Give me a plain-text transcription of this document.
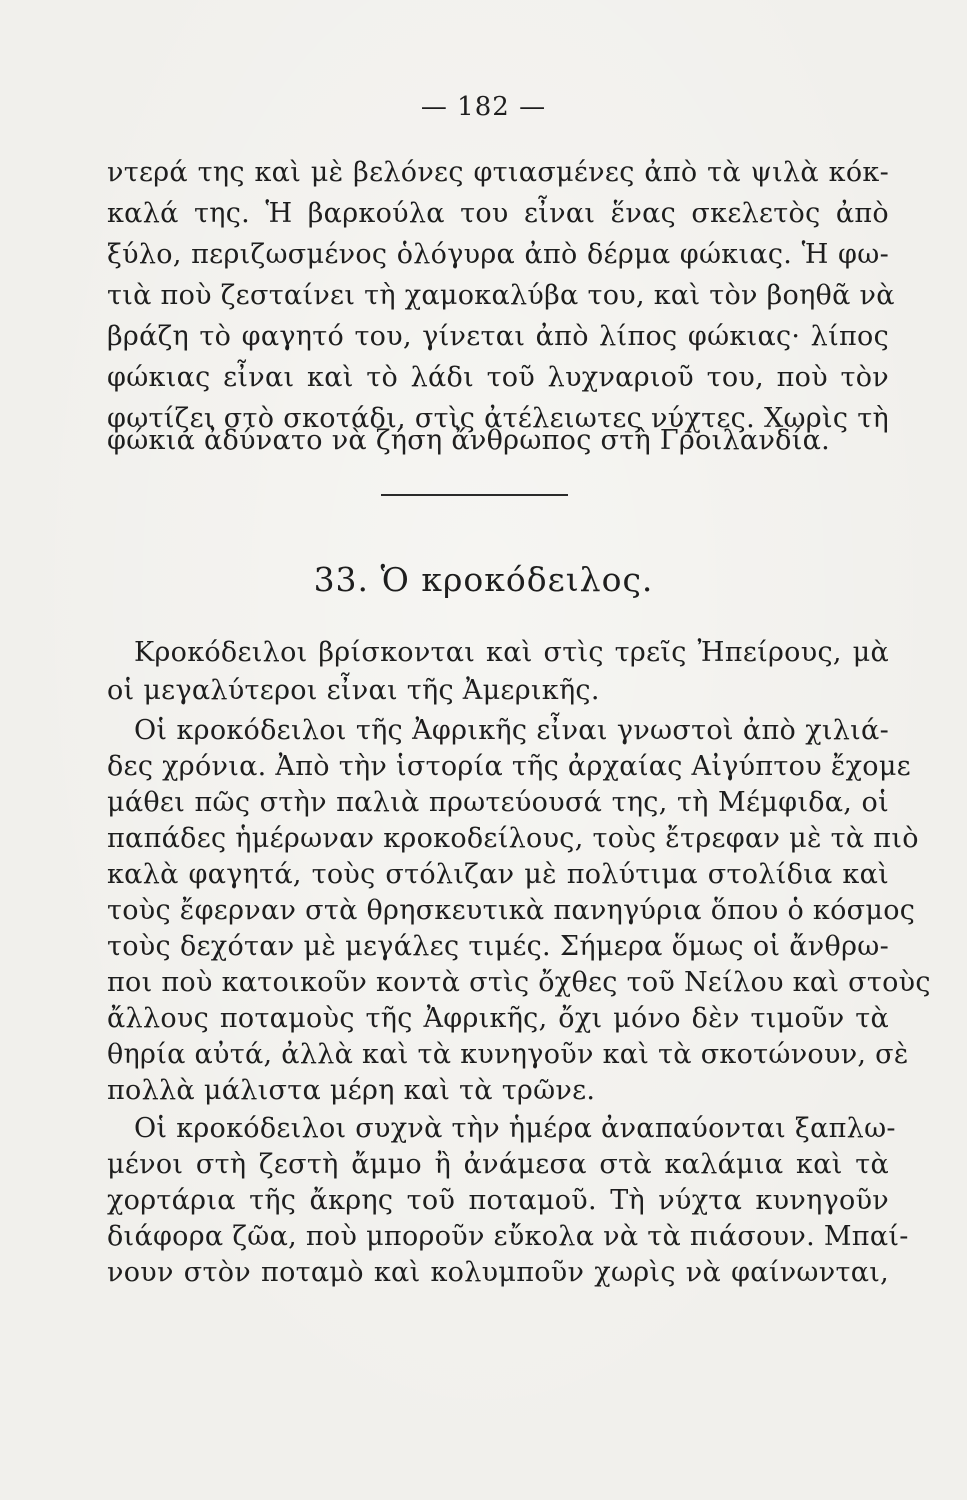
— 182 —
ντερά της καὶ μὲ βελόνες φτιασμένες ἀπὸ τὰ ψιλὰ κόκ-
καλά της. Ἡ βαρκούλα του εἶναι ἕνας σκελετὸς ἀπὸ
ξύλο, περιζωσμένος ὁλόγυρα ἀπὸ δέρμα φώκιας. Ἡ φω-
τιὰ ποὺ ζεσταίνει τὴ χαμοκαλύβα του, καὶ τὸν βοηθᾶ νὰ
βράζη τὸ φαγητό του, γίνεται ἀπὸ λίπος φώκιας· λίπος
φώκιας εἶναι καὶ τὸ λάδι τοῦ λυχναριοῦ του, ποὺ τὸν
φωτίζει στὸ σκοτάδι, στὶς ἀτέλειωτες νύχτες. Χωρὶς τὴ
φώκια ἀδύνατο νὰ ζήση ἄνθρωπος στὴ Γροιλανδία.
33. Ὁ κροκόδειλος.
Κροκόδειλοι βρίσκονται καὶ στὶς τρεῖς Ἠπείρους, μὰ
οἱ μεγαλύτεροι εἶναι τῆς Ἀμερικῆς.
Οἱ κροκόδειλοι τῆς Ἀφρικῆς εἶναι γνωστοὶ ἀπὸ χιλιά-
δες χρόνια. Ἀπὸ τὴν ἱστορία τῆς ἀρχαίας Αἰγύπτου ἔχομε
μάθει πῶς στὴν παλιὰ πρωτεύουσά της, τὴ Μέμφιδα, οἱ
παπάδες ἡμέρωναν κροκοδείλους, τοὺς ἔτρεφαν μὲ τὰ πιὸ
καλὰ φαγητά, τοὺς στόλιζαν μὲ πολύτιμα στολίδια καὶ
τοὺς ἔφερναν στὰ θρησκευτικὰ πανηγύρια ὅπου ὁ κόσμος
τοὺς δεχόταν μὲ μεγάλες τιμές. Σήμερα ὅμως οἱ ἄνθρω-
ποι ποὺ κατοικοῦν κοντὰ στὶς ὄχθες τοῦ Νείλου καὶ στοὺς
ἄλλους ποταμοὺς τῆς Ἀφρικῆς, ὄχι μόνο δὲν τιμοῦν τὰ
θηρία αὐτά, ἀλλὰ καὶ τὰ κυνηγοῦν καὶ τὰ σκοτώνουν, σὲ
πολλὰ μάλιστα μέρη καὶ τὰ τρῶνε.
Οἱ κροκόδειλοι συχνὰ τὴν ἡμέρα ἀναπαύονται ξαπλω-
μένοι στὴ ζεστὴ ἄμμο ἢ ἀνάμεσα στὰ καλάμια καὶ τὰ
χορτάρια τῆς ἄκρης τοῦ ποταμοῦ. Τὴ νύχτα κυνηγοῦν
διάφορα ζῶα, ποὺ μποροῦν εὔκολα νὰ τὰ πιάσουν. Μπαί-
νουν στὸν ποταμὸ καὶ κολυμποῦν χωρὶς νὰ φαίνωνται,
